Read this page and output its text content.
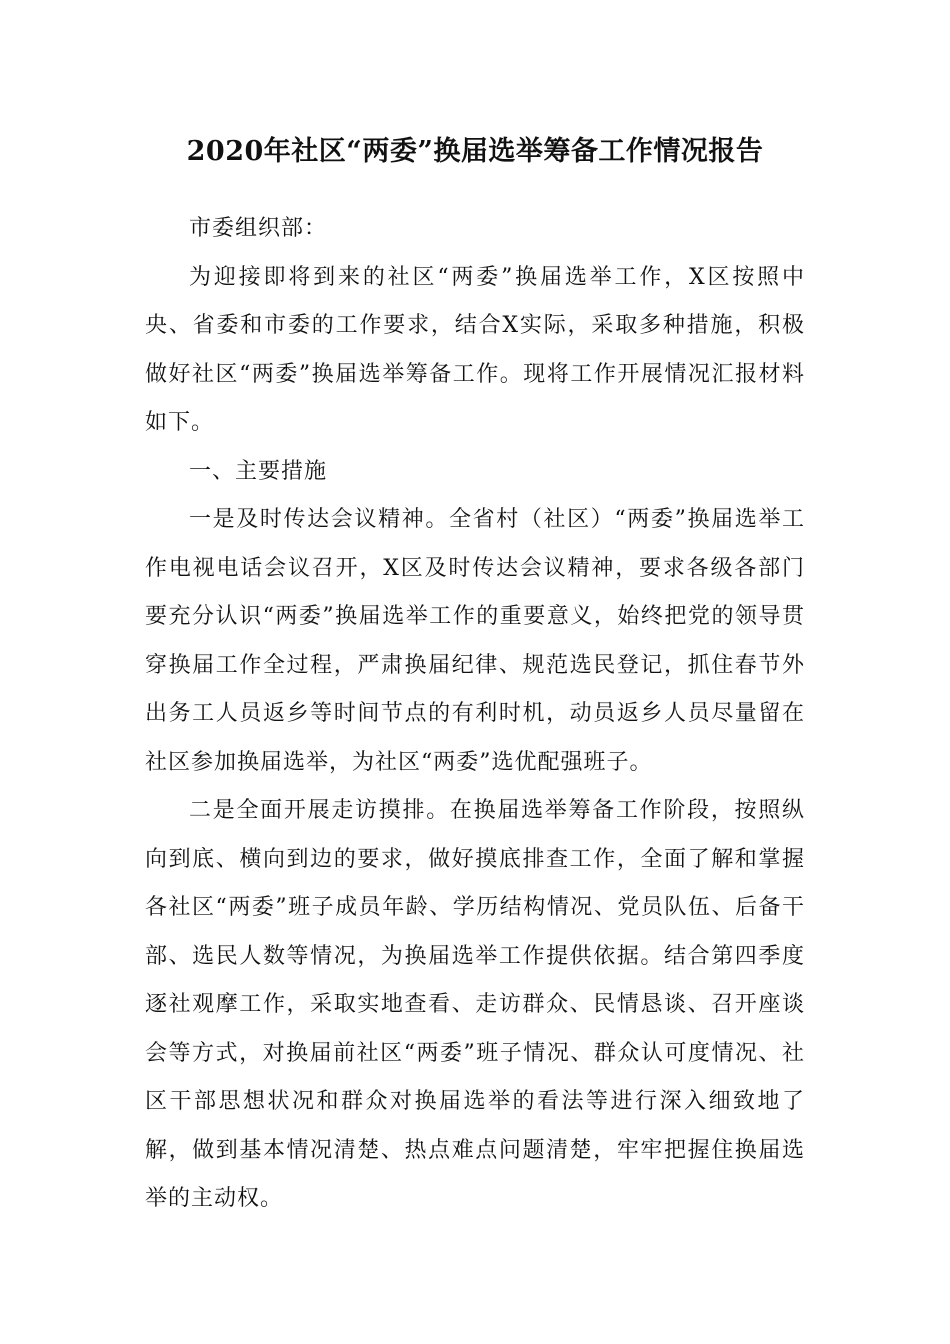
2020年社区“两委”换届选举筹备工作情况报告

市委组织部：

为迎接即将到来的社区“两委”换届选举工作，X区按照中央、省委和市委的工作要求，结合X实际，采取多种措施，积极做好社区“两委”换届选举筹备工作。现将工作开展情况汇报材料如下。

一、主要措施

一是及时传达会议精神。全省村（社区）“两委”换届选举工作电视电话会议召开，X区及时传达会议精神，要求各级各部门要充分认识“两委”换届选举工作的重要意义，始终把党的领导贯穿换届工作全过程，严肃换届纪律、规范选民登记，抓住春节外出务工人员返乡等时间节点的有利时机，动员返乡人员尽量留在社区参加换届选举，为社区“两委”选优配强班子。

二是全面开展走访摸排。在换届选举筹备工作阶段，按照纵向到底、横向到边的要求，做好摸底排查工作，全面了解和掌握各社区“两委”班子成员年龄、学历结构情况、党员队伍、后备干部、选民人数等情况，为换届选举工作提供依据。结合第四季度逐社观摩工作，采取实地查看、走访群众、民情恳谈、召开座谈会等方式，对换届前社区“两委”班子情况、群众认可度情况、社区干部思想状况和群众对换届选举的看法等进行深入细致地了解，做到基本情况清楚、热点难点问题清楚，牢牢把握住换届选举的主动权。
